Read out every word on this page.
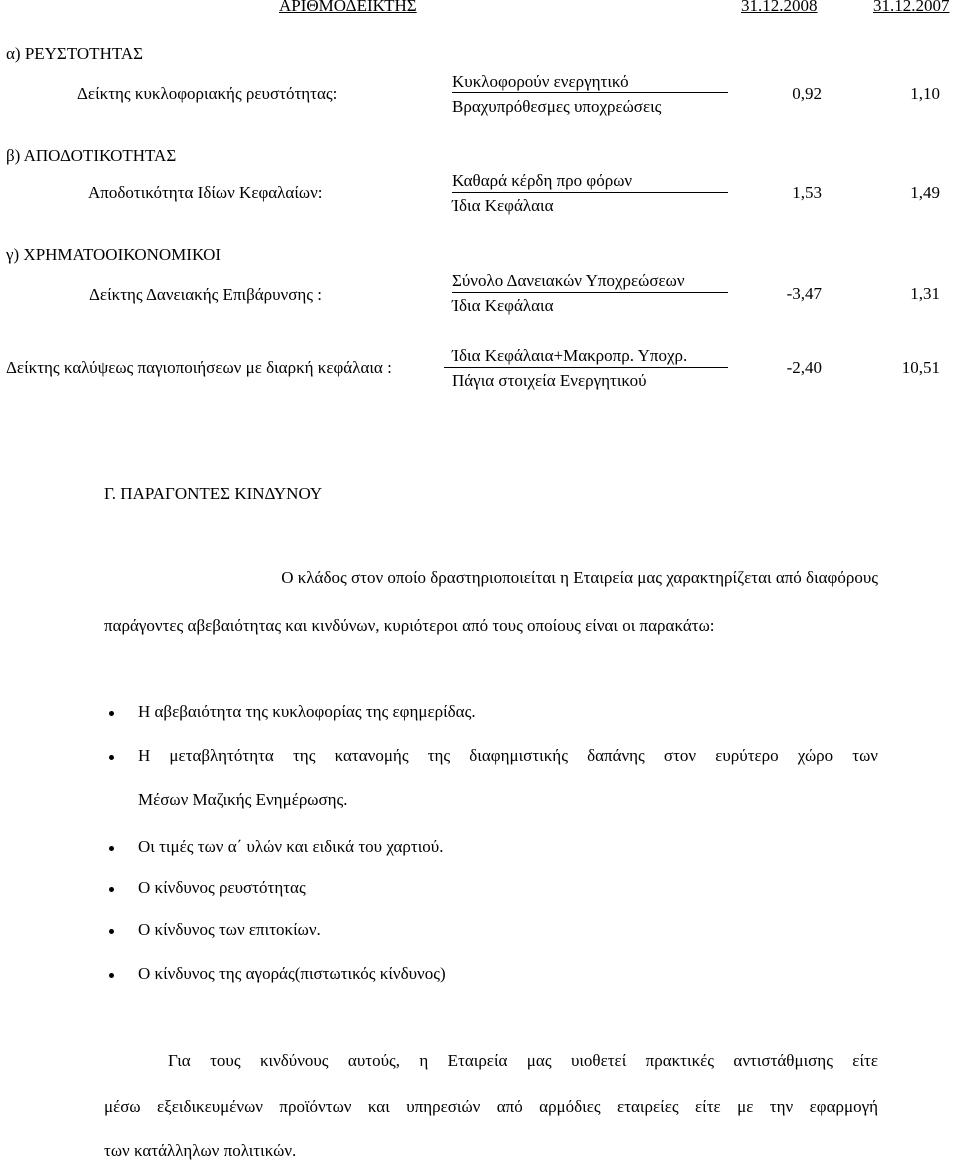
ΑΡΙΘΜΟΔΕΙΚΤΗΣ	31.12.2008	31.12.2007
α) ΡΕΥΣΤΟΤΗΤΑΣ
Δείκτης κυκλοφοριακής ρευστότητας:
Κυκλοφορούν ενεργητικό
Βραχυπρόθεσμες υποχρεώσεις
0,92	1,10
β) ΑΠΟΔΟΤΙΚΟΤΗΤΑΣ
Αποδοτικότητα Ιδίων Κεφαλαίων:
Καθαρά κέρδη προ φόρων
Ίδια Κεφάλαια
1,53	1,49
γ) ΧΡΗΜΑΤΟΟΙΚΟΝΟΜΙΚΟΙ
Δείκτης Δανειακής Επιβάρυνσης :
Σύνολο Δανειακών Υποχρεώσεων
Ίδια Κεφάλαια
-3,47	1,31
Δείκτης καλύψεως παγιοποιήσεων με διαρκή κεφάλαια :
Ίδια Κεφάλαια+Μακροπρ. Υποχρ.
Πάγια στοιχεία Ενεργητικού
-2,40	10,51
Γ. ΠΑΡΑΓΟΝΤΕΣ ΚΙΝΔΥΝΟΥ
Ο κλάδος στον οποίο δραστηριοποιείται η Εταιρεία μας χαρακτηρίζεται από διαφόρους
παράγοντες αβεβαιότητας και κινδύνων, κυριότεροι από τους οποίους είναι οι παρακάτω:
Η αβεβαιότητα της κυκλοφορίας της εφημερίδας.
Η μεταβλητότητα της κατανομής της διαφημιστικής δαπάνης στον ευρύτερο χώρο των
Μέσων Μαζικής Ενημέρωσης.
Οι τιμές των α΄ υλών και ειδικά του χαρτιού.
Ο κίνδυνος ρευστότητας
Ο κίνδυνος των επιτοκίων.
Ο κίνδυνος της αγοράς(πιστωτικός κίνδυνος)
Για τους κινδύνους αυτούς, η Εταιρεία μας υιοθετεί πρακτικές αντιστάθμισης είτε
μέσω εξειδικευμένων προϊόντων και υπηρεσιών από αρμόδιες εταιρείες είτε με την εφαρμογή
των κατάλληλων πολιτικών.
